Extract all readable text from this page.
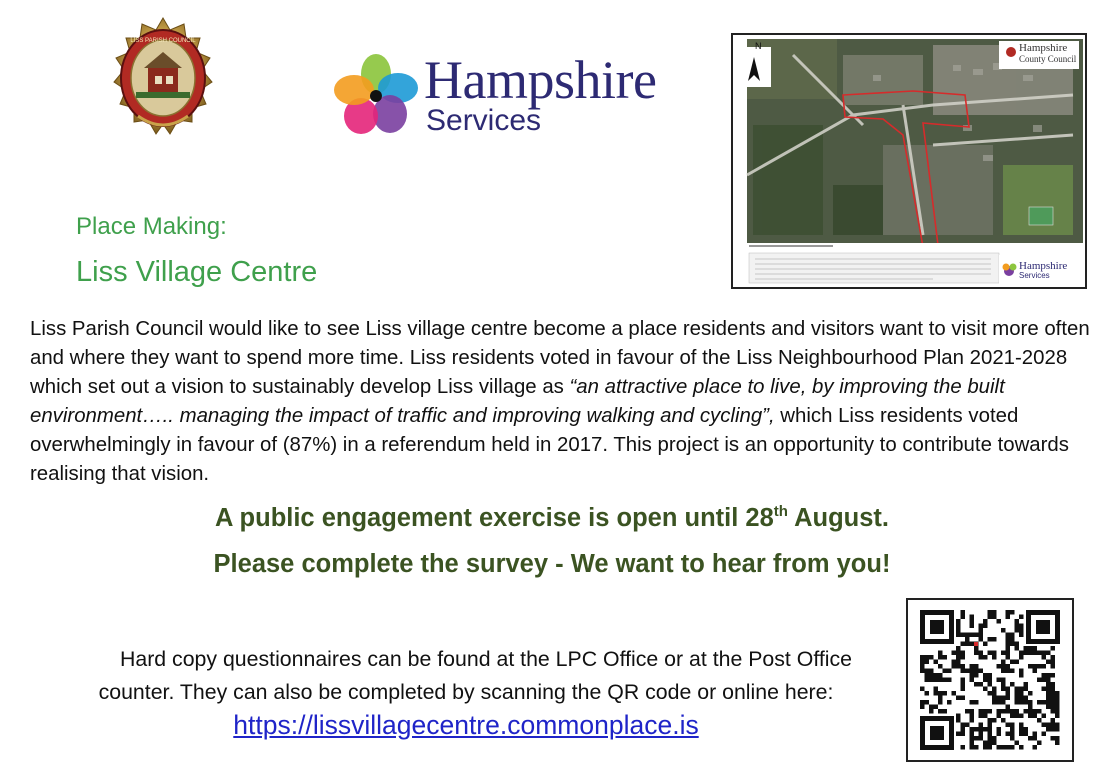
LISS PARISH COUNCIL
Hampshire
Services
N	Hampshire
County Council
Hampshire
Services
Place Making:
Liss Village Centre
Liss Parish Council would like to see Liss village centre become a place residents and visitors want to visit more often and where they want to spend more time. Liss residents voted in favour of the Liss Neighbourhood Plan 2021-2028 which set out a vision to sustainably develop Liss village as “an attractive place to live, by improving the built environment….. managing the impact of traffic and improving walking and cycling”, which Liss residents voted overwhelmingly in favour of (87%) in a referendum held in 2017. This project is an opportunity to contribute towards realising that vision.
A public engagement exercise is open until 28th August.
Please complete the survey - We want to hear from you!
Hard copy questionnaires can be found at the LPC Office or at the Post Office counter. They can also be completed by scanning the QR code or online here: https://lissvillagecentre.commonplace.is
